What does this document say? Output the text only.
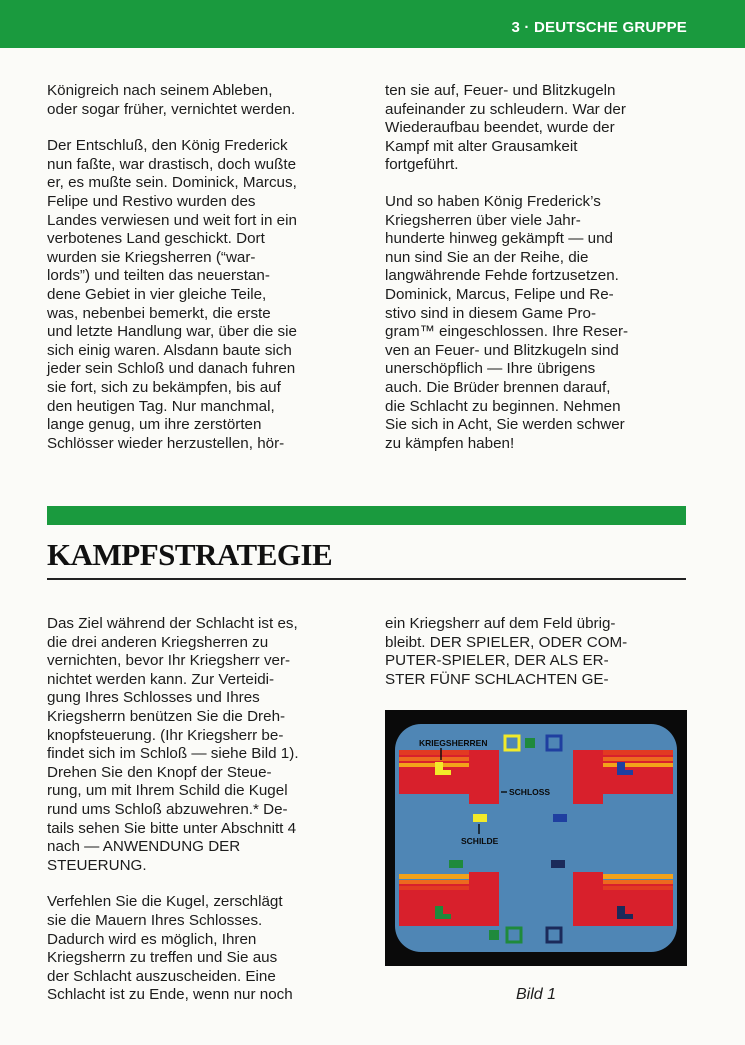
3 · DEUTSCHE GRUPPE

Königreich nach seinem Ableben,
oder sogar früher, vernichtet werden.

Der Entschluß, den König Frederick
nun faßte, war drastisch, doch wußte
er, es mußte sein. Dominick, Marcus,
Felipe und Restivo wurden des
Landes verwiesen und weit fort in ein
verbotenes Land geschickt. Dort
wurden sie Kriegsherren (“war-
lords”) und teilten das neuerstan-
dene Gebiet in vier gleiche Teile,
was, nebenbei bemerkt, die erste
und letzte Handlung war, über die sie
sich einig waren. Alsdann baute sich
jeder sein Schloß und danach fuhren
sie fort, sich zu bekämpfen, bis auf
den heutigen Tag. Nur manchmal,
lange genug, um ihre zerstörten
Schlösser wieder herzustellen, hör-

ten sie auf, Feuer- und Blitzkugeln
aufeinander zu schleudern. War der
Wiederaufbau beendet, wurde der
Kampf mit alter Grausamkeit
fortgeführt.

Und so haben König Frederick’s
Kriegsherren über viele Jahr-
hunderte hinweg gekämpft — und
nun sind Sie an der Reihe, die
langwährende Fehde fortzusetzen.
Dominick, Marcus, Felipe und Re-
stivo sind in diesem Game Pro-
gram™ eingeschlossen. Ihre Reser-
ven an Feuer- und Blitzkugeln sind
unerschöpflich — Ihre übrigens
auch. Die Brüder brennen darauf,
die Schlacht zu beginnen. Nehmen
Sie sich in Acht, Sie werden schwer
zu kämpfen haben!

KAMPFSTRATEGIE

Das Ziel während der Schlacht ist es,
die drei anderen Kriegsherren zu
vernichten, bevor Ihr Kriegsherr ver-
nichtet werden kann. Zur Verteidi-
gung Ihres Schlosses und Ihres
Kriegsherrn benützen Sie die Dreh-
knopfsteuerung. (Ihr Kriegsherr be-
findet sich im Schloß — siehe Bild 1).
Drehen Sie den Knopf der Steue-
rung, um mit Ihrem Schild die Kugel
rund ums Schloß abzuwehren.* De-
tails sehen Sie bitte unter Abschnitt 4
nach — ANWENDUNG DER
STEUERUNG.

Verfehlen Sie die Kugel, zerschlägt
sie die Mauern Ihres Schlosses.
Dadurch wird es möglich, Ihren
Kriegsherrn zu treffen und Sie aus
der Schlacht auszuscheiden. Eine
Schlacht ist zu Ende, wenn nur noch

ein Kriegsherr auf dem Feld übrig-
bleibt. DER SPIELER, ODER COM-
PUTER-SPIELER, DER ALS ER-
STER FÜNF SCHLACHTEN GE-

KRIEGSHERREN
SCHLOSS
SCHILDE
Bild 1
